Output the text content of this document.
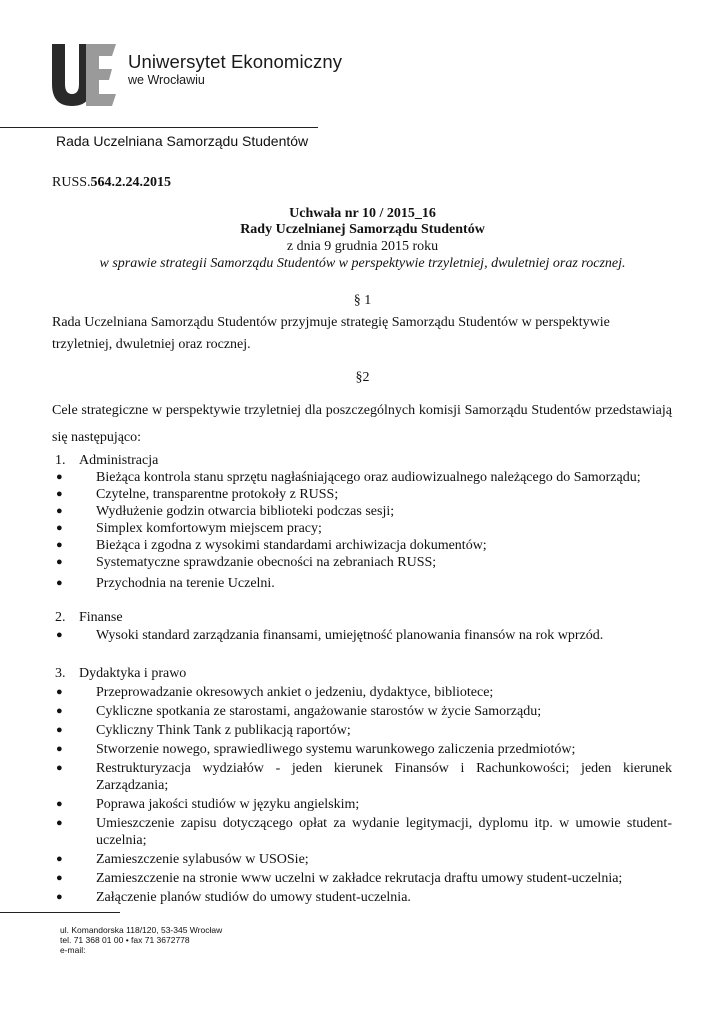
Uniwersytet Ekonomiczny
we Wrocławiu
Rada Uczelniana Samorządu Studentów
RUSS.564.2.24.2015
Uchwała nr 10 / 2015_16
Rady Uczelnianej Samorządu Studentów
z dnia 9 grudnia 2015 roku
w sprawie strategii Samorządu Studentów w perspektywie trzyletniej, dwuletniej oraz rocznej.
§ 1
Rada Uczelniana Samorządu Studentów przyjmuje strategię Samorządu Studentów w perspektywie trzyletniej, dwuletniej oraz rocznej.
§2
Cele strategiczne w perspektywie trzyletniej dla poszczególnych komisji Samorządu Studentów przedstawiają się następująco:
1. Administracja
● Bieżąca kontrola stanu sprzętu nagłaśniającego oraz audiowizualnego należącego do Samorządu;
● Czytelne, transparentne protokoły z RUSS;
● Wydłużenie godzin otwarcia biblioteki podczas sesji;
● Simplex komfortowym miejscem pracy;
● Bieżąca i zgodna z wysokimi standardami archiwizacja dokumentów;
● Systematyczne sprawdzanie obecności na zebraniach RUSS;
● Przychodnia na terenie Uczelni.
2. Finanse
● Wysoki standard zarządzania finansami, umiejętność planowania finansów na rok wprzód.
3. Dydaktyka i prawo
● Przeprowadzanie okresowych ankiet o jedzeniu, dydaktyce, bibliotece;
● Cykliczne spotkania ze starostami, angażowanie starostów w życie Samorządu;
● Cykliczny Think Tank z publikacją raportów;
● Stworzenie nowego, sprawiedliwego systemu warunkowego zaliczenia przedmiotów;
● Restrukturyzacja wydziałów - jeden kierunek Finansów i Rachunkowości; jeden kierunek Zarządzania;
● Poprawa jakości studiów w języku angielskim;
● Umieszczenie zapisu dotyczącego opłat za wydanie legitymacji, dyplomu itp. w umowie student-uczelnia;
● Zamieszczenie sylabusów w USOSie;
● Zamieszczenie na stronie www uczelni w zakładce rekrutacja draftu umowy student-uczelnia;
● Załączenie planów studiów do umowy student-uczelnia.
ul. Komandorska 118/120, 53-345 Wrocław
tel. 71 368 01 00 • fax 71 3672778
e-mail:
